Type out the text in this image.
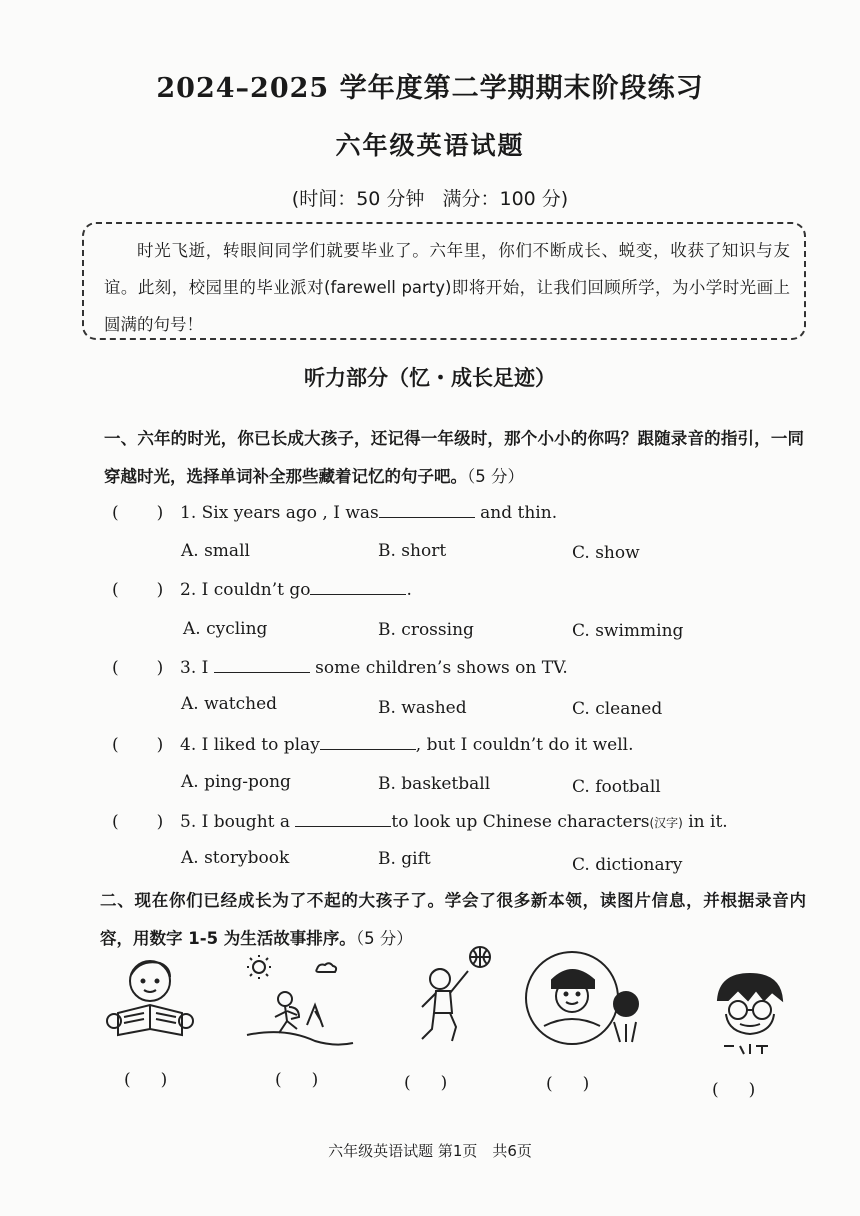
2024–2025 学年度第二学期期末阶段练习
六年级英语试题
(时间：50 分钟 满分：100 分)

时光飞逝，转眼间同学们就要毕业了。六年里，你们不断成长、蜕变，收获了知识与友谊。此刻，校园里的毕业派对(farewell party)即将开始，让我们回顾所学，为小学时光画上圆满的句号！

听力部分（忆・成长足迹）
一、六年的时光，你已长成大孩子，还记得一年级时，那个小小的你吗？跟随录音的指引，一同穿越时光，选择单词补全那些藏着记忆的句子吧。（5 分）
( ) 1. Six years ago , I was	and thin.
A. small	B. short	C. show
( ) 2. I couldn’t go	.
A. cycling	B. crossing	C. swimming
( ) 3. I	some children’s shows on TV.
A. watched	B. washed	C. cleaned
( ) 4. I liked to play	, but I couldn’t do it well.
A. ping-pong	B. basketball	C. football
( ) 5. I bought a	to look up Chinese characters(汉字) in it.
A. storybook	B. gift	C. dictionary
二、现在你们已经成长为了不起的大孩子了。学会了很多新本领，读图片信息，并根据录音内容，用数字 1-5 为生活故事排序。（5 分）
( )	( )	( )	( )	( )
六年级英语试题 第1页　共6页
